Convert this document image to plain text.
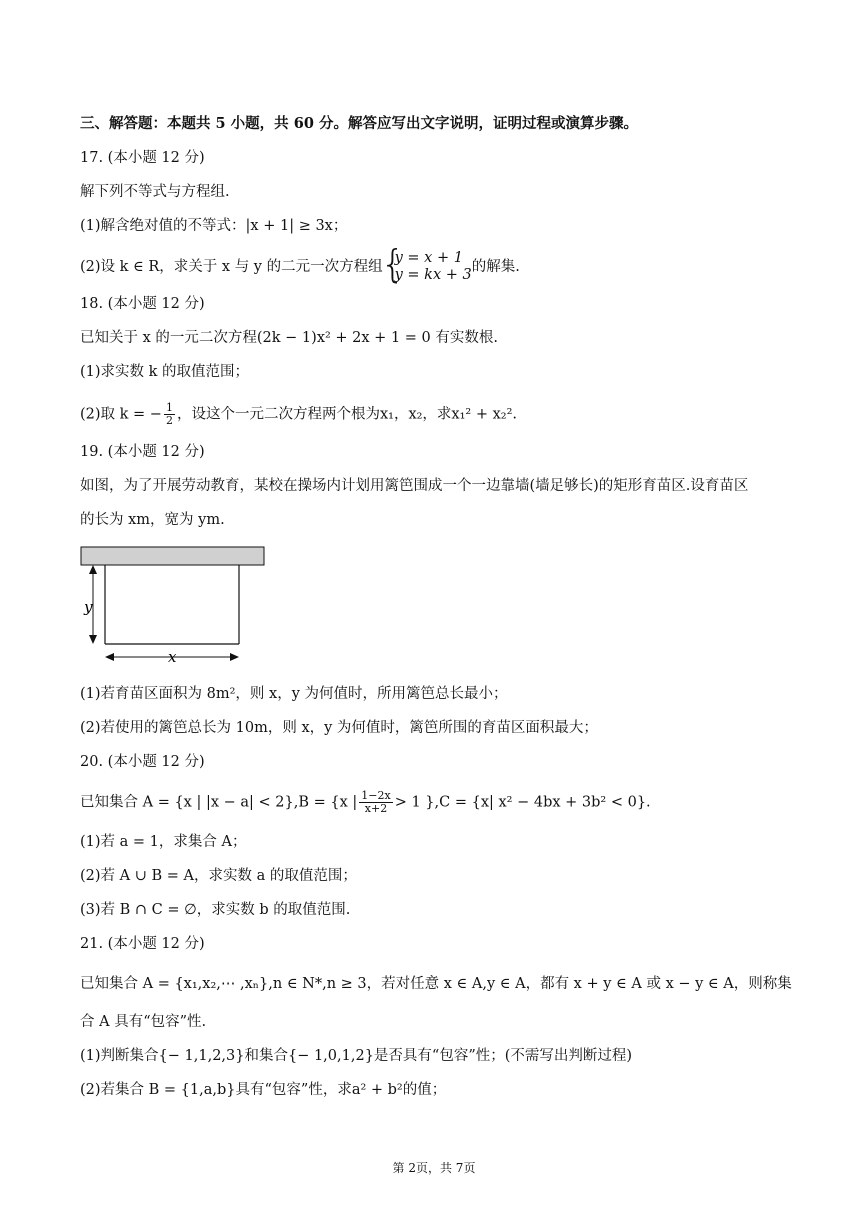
三、解答题：本题共 5 小题，共 60 分。解答应写出文字说明，证明过程或演算步骤。
17. (本小题 12 分)
解下列不等式与方程组.
(1)解含绝对值的不等式：|x + 1| ≥ 3x；
(2)设 k ∈ R，求关于 x 与 y 的二元一次方程组
{
y = x + 1
y = kx + 3 的解集.
18. (本小题 12 分)
已知关于 x 的一元二次方程(2k − 1)x² + 2x + 1 = 0 有实数根.
(1)求实数 k 的取值范围；
(2)取 k = − $\frac{1}{2}$ ，设这个一元二次方程两个根为x₁，x₂，求x₁² + x₂².
19. (本小题 12 分)
如图，为了开展劳动教育，某校在操场内计划用篱笆围成一个一边靠墙(墙足够长)的矩形育苗区.设育苗区
的长为 xm，宽为 ym.
y
x
(1)若育苗区面积为 8m²，则 x，y 为何值时，所用篱笆总长最小；
(2)若使用的篱笆总长为 10m，则 x，y 为何值时，篱笆所围的育苗区面积最大；
20. (本小题 12 分)
已知集合 A = {x | |x − a| < 2},B = {x | $\frac{1-2x}{x+2} > 1$ },C = {x| x² − 4bx + 3b² < 0}.
(1)若 a = 1，求集合 A；
(2)若 A ∪ B = A，求实数 a 的取值范围；
(3)若 B ∩ C = ∅，求实数 b 的取值范围.
21. (本小题 12 分)
已知集合 A = {x₁,x₂,⋯ ,xₙ},n ∈ N*,n ≥ 3，若对任意 x ∈ A,y ∈ A，都有 x + y ∈ A 或 x − y ∈ A，则称集
合 A 具有“包容”性.
(1)判断集合{− 1,1,2,3}和集合{− 1,0,1,2}是否具有“包容”性；(不需写出判断过程)
(2)若集合 B = {1,a,b}具有“包容”性，求a² + b²的值；
第 2页，共 7页
